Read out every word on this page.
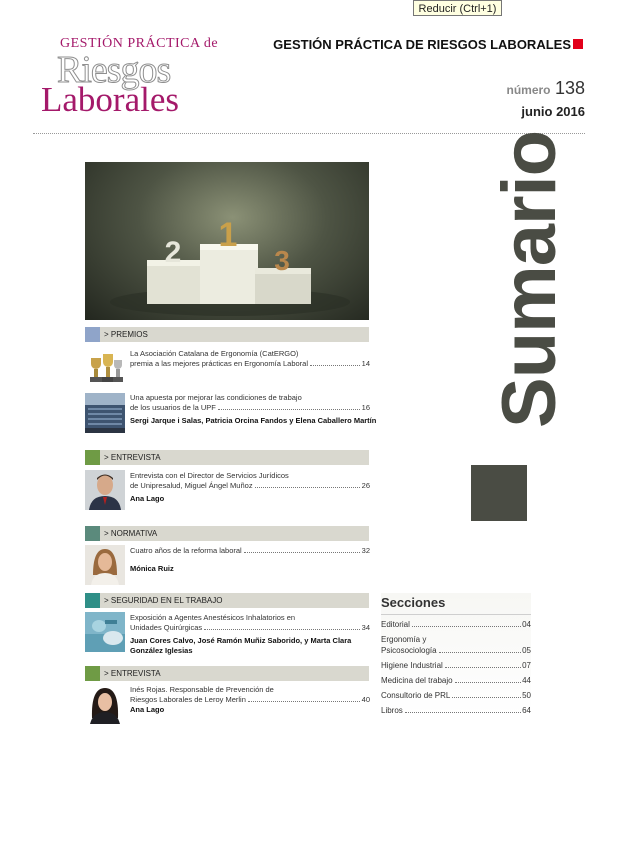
Reducir (Ctrl+1)
GESTIÓN PRÁCTICA de
Riesgos
Laborales
GESTIÓN PRÁCTICA DE RIESGOS LABORALES
número 138
junio 2016
2 1
3	Sumario
> PREMIOS
La Asociación Catalana de Ergonomía (CatERGO)
premia a las mejores prácticas en Ergonomía Laboral	14
Una apuesta por mejorar las condiciones de trabajo
de los usuarios de la UPF	16
Sergi Jarque i Salas, Patricia Orcina Fandos y Elena Caballero Martín
> ENTREVISTA
Entrevista con el Director de Servicios Jurídicos
de Unipresalud, Miguel Ángel Muñoz	26
Ana Lago
> NORMATIVA
Cuatro años de la reforma laboral	32
Mónica Ruiz
> SEGURIDAD EN EL TRABAJO
Exposición a Agentes Anestésicos Inhalatorios en
Unidades Quirúrgicas	34
Juan Cores Calvo, José Ramón Muñiz Saborido, y Marta Clara González Iglesias
> ENTREVISTA
Inés Rojas. Responsable de Prevención de
Riesgos Laborales de Leroy Merlin	40
Ana Lago
Secciones
Editorial	04
Ergonomía y
Psicosociología	05
Higiene Industrial	07
Medicina del trabajo	44
Consultorio de PRL	50
Libros	64
